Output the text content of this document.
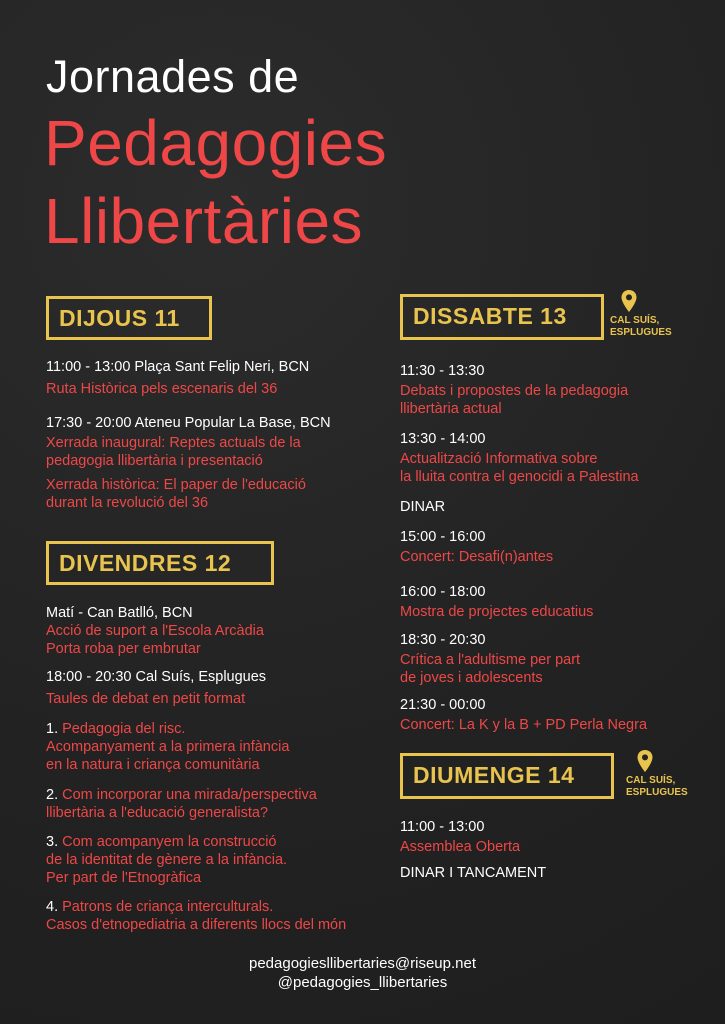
Jornades de
Pedagogies
Llibertàries
DIJOUS 11
11:00 - 13:00 Plaça Sant Felip Neri, BCN
Ruta Històrica pels escenaris del 36
17:30 - 20:00 Ateneu Popular La Base, BCN
Xerrada inaugural: Reptes actuals de la
pedagogia llibertària i presentació
Xerrada històrica: El paper de l'educació
durant la revolució del 36
DIVENDRES 12
Matí - Can Batlló, BCN
Acció de suport a l'Escola Arcàdia
Porta roba per embrutar
18:00 - 20:30 Cal Suís, Esplugues
Taules de debat en petit format
1. Pedagogia del risc.
Acompanyament a la primera infància
en la natura i criança comunitària
2. Com incorporar una mirada/perspectiva
llibertària a l'educació generalista?
3. Com acompanyem la construcció
de la identitat de gènere a la infància.
Per part de l'Etnogràfica
4. Patrons de criança interculturals.
Casos d'etnopediatria a diferents llocs del món
DISSABTE 13	CAL SUÍS,
ESPLUGUES
11:30 - 13:30
Debats i propostes de la pedagogia
llibertària actual
13:30 - 14:00
Actualització Informativa sobre
la lluita contra el genocidi a Palestina
DINAR
15:00 - 16:00
Concert: Desafi(n)antes
16:00 - 18:00
Mostra de projectes educatius
18:30 - 20:30
Crítica a l'adultisme per part
de joves i adolescents
21:30 - 00:00
Concert: La K y la B + PD Perla Negra
DIUMENGE 14	CAL SUÍS,
ESPLUGUES
11:00 - 13:00
Assemblea Oberta
DINAR I TANCAMENT
pedagogiesllibertaries@riseup.net
@pedagogies_llibertaries
